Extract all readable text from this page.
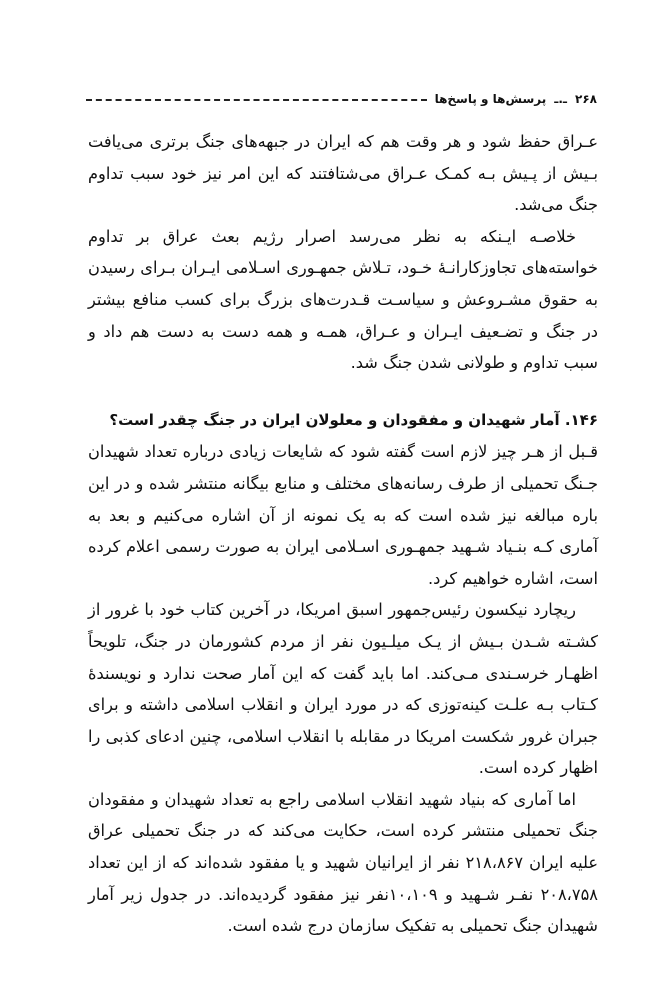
۲۶۸
ـ.ـ
پرسش‌ها و پاسخ‌ها

عـراق حفظ شود و هر وقت هم که ایران در جبهه‌های جنگ برتری می‌یافت بـیش از پـیش بـه کمـک عـراق می‌شتافتند که این امر نیز خود سبب تداوم جنگ می‌شد.

خلاصـه ایـنکه به نظر می‌رسد اصرار رژیم بعث عراق بر تداوم خواسته‌های تجاوزکارانـهٔ خـود، تـلاش جمهـوری اسـلامی ایـران بـرای رسیدن به حقوق مشـروعش و سیاسـت قـدرت‌های بزرگ برای کسب منافع بیشتر در جنگ و تضـعیف ایـران و عـراق، همـه و همه دست به دست هم داد و سبب تداوم و طولانی شدن جنگ شد.

۱۴۶. آمار شهیدان و مفقودان و معلولان ایران در جنگ چقدر است؟

قـبل از هـر چیز لازم است گفته شود که شایعات زیادی درباره تعداد شهیدان جـنگ تحمیلی از طرف رسانه‌های مختلف و منابع بیگانه منتشر شده و در این باره مبالغه نیز شده است که به یک نمونه از آن اشاره می‌کنیم و بعد به آماری کـه بنـیاد شـهید جمهـوری اسـلامی ایران به صورت رسمی اعلام کرده است، اشاره خواهیم کرد.

ریچارد نیکسون رئیس‌جمهور اسبق امریکا، در آخرین کتاب خود با غرور از کشـته شـدن بـیش از یـک میلـیون نفر از مردم کشورمان در جنگ، تلویحاً اظهـار خرسـندی مـی‌کند. اما باید گفت که این آمار صحت ندارد و نویسندهٔ کـتاب بـه علـت کینه‌توزی که در مورد ایران و انقلاب اسلامی داشته و برای جبران غرور شکست امریکا در مقابله با انقلاب اسلامی، چنین ادعای کذبی را اظهار کرده است.

اما آماری که بنیاد شهید انقلاب اسلامی راجع به تعداد شهیدان و مفقودان جنگ تحمیلی منتشر کرده است، حکایت می‌کند که در جنگ تحمیلی عراق علیه ایران ۲۱۸،۸۶۷ نفر از ایرانیان شهید و یا مفقود شده‌اند که از این تعداد ۲۰۸،۷۵۸ نفـر شـهید و ۱۰،۱۰۹نفر نیز مفقود گردیده‌اند. در جدول زیر آمار شهیدان جنگ تحمیلی به تفکیک سازمان درج شده است.
